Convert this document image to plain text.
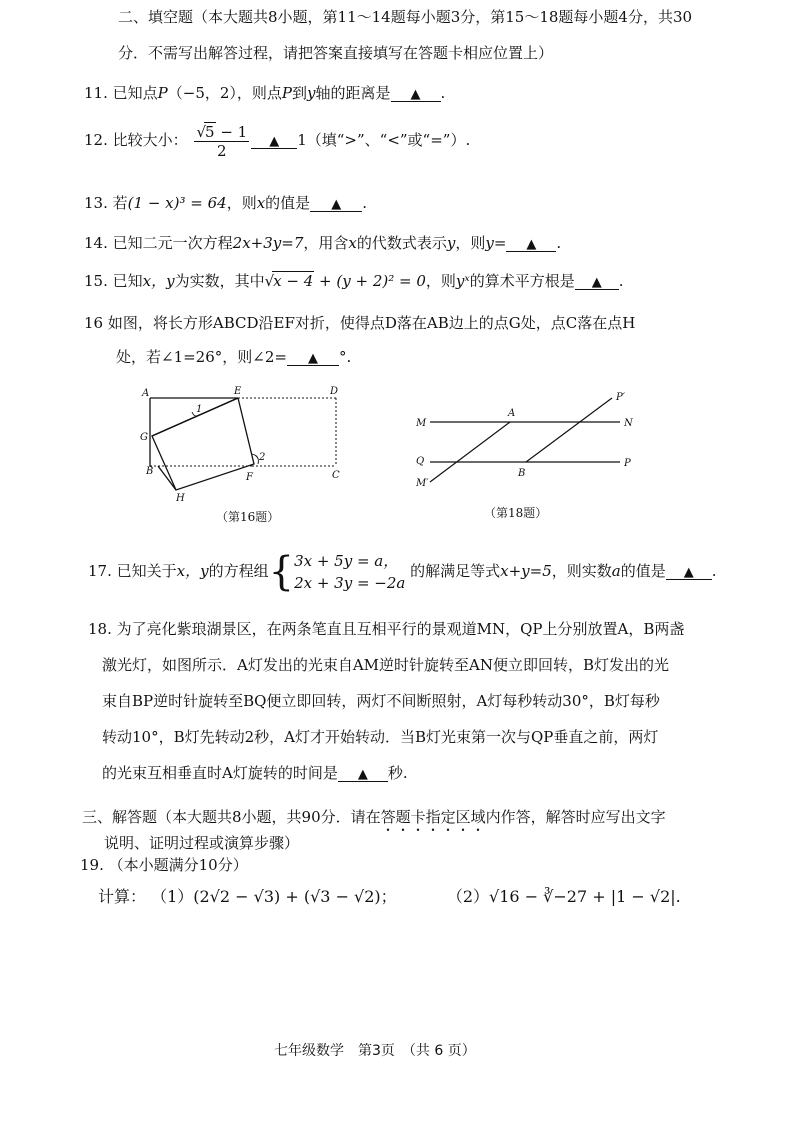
二、填空题（本大题共8小题，第11～14题每小题3分，第15～18题每小题4分，共30
分．不需写出解答过程，请把答案直接填写在答题卡相应位置上）
11. 已知点P（−5，2），则点P到y轴的距离是 ▲ .
12. 比较大小： $\frac{√5 - 1}{2}$ ▲ 1（填“>”、“<”或“=”）.
13. 若(1 − x)³ = 64，则x的值是 ▲ .
14. 已知二元一次方程2x+3y=7，用含x的代数式表示y，则y= ▲ .
15. 已知x，y为实数，其中√x − 4 + (y + 2)² = 0，则yˣ的算术平方根是 ▲ .
16 如图，将长方形ABCD沿EF对折，使得点D落在AB边上的点G处，点C落在点H
处，若∠1=26°，则∠2= ▲ °.
A	E	D
1
G
B
2
F	C
H
（第16题）
P′
M
A
N
Q
B
P
M′
（第18题）
17. 已知关于x，y的方程组{ 3x + 5y = a，
2x + 3y = −2a
的解满足等式x+y=5，则实数a的值是 ▲ .
18. 为了亮化紫琅湖景区，在两条笔直且互相平行的景观道MN，QP上分别放置A，B两盏
激光灯，如图所示．A灯发出的光束自AM逆时针旋转至AN便立即回转，B灯发出的光
束自BP逆时针旋转至BQ便立即回转，两灯不间断照射，A灯每秒转动30°，B灯每秒
转动10°，B灯先转动2秒，A灯才开始转动．当B灯光束第一次与QP垂直之前，两灯
的光束互相垂直时A灯旋转的时间是 ▲ 秒.
三、解答题（本大题共8小题，共90分．请在答题卡指定区域内作答，解答时应写出文字
说明、证明过程或演算步骤）
19. （本小题满分10分）
计算： （1）(2√2 − √3) + (√3 − √2)；	（2）√16 − ∛−27 + |1 − √2|.
七年级数学　第3页　（共 6 页）
